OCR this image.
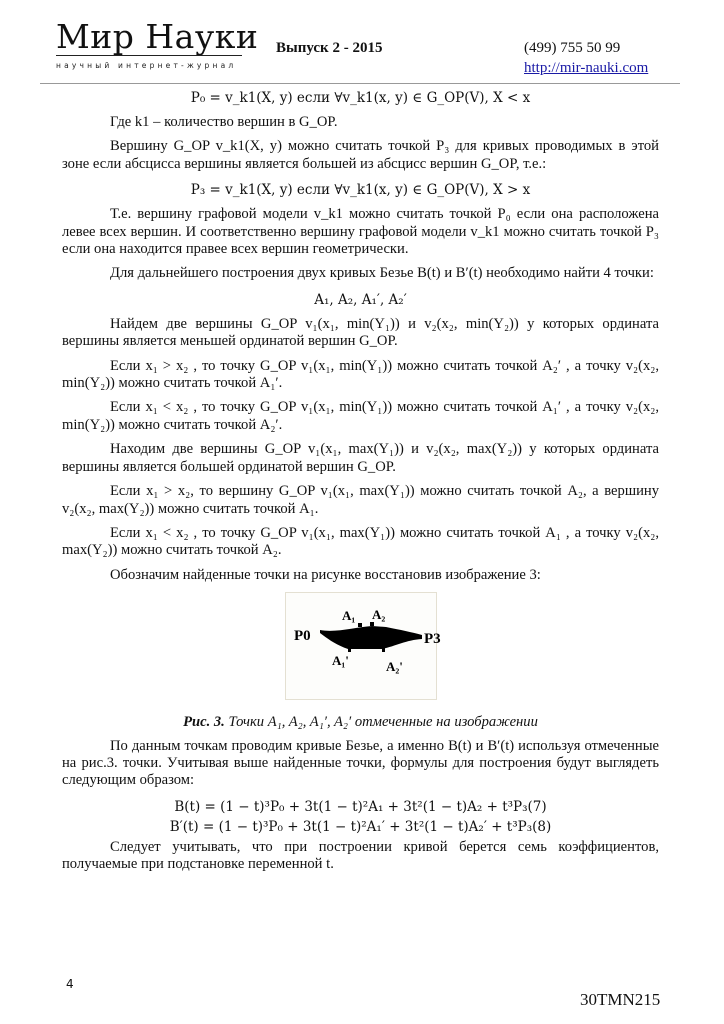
Мир Науки
научный интернет-журнал
Выпуск 2 - 2015	(499) 755 50 99
http://mir-nauki.com
P₀ = v_k1(X, y) если ∀v_k1(x, y) ∈ G_OP(V), X < x

Где k1 – количество вершин в G_OP.

Вершину G_OP v_k1(X, y) можно считать точкой P₃ для кривых проводимых в этой зоне если абсцисса вершины является большей из абсцисс вершин G_OP, т.е.:

P₃ = v_k1(X, y) если ∀v_k1(x, y) ∈ G_OP(V), X > x

Т.е. вершину графовой модели v_k1 можно считать точкой P₀ если она расположена левее всех вершин. И соответственно вершину графовой модели v_k1 можно считать точкой P₃ если она находится правее всех вершин геометрически.

Для дальнейшего построения двух кривых Безье B(t) и B′(t) необходимо найти 4 точки:

A₁, A₂, A₁′, A₂′

Найдем две вершины G_OP v₁(x₁, min(Y₁)) и v₂(x₂, min(Y₂)) у которых ордината вершины является меньшей ординатой вершин G_OP.

Если x₁ > x₂ , то точку G_OP v₁(x₁, min(Y₁)) можно считать точкой A₂′ , а точку v₂(x₂, min(Y₂)) можно считать точкой A₁′.

Если x₁ < x₂ , то точку G_OP v₁(x₁, min(Y₁)) можно считать точкой A₁′ , а точку v₂(x₂, min(Y₂)) можно считать точкой A₂′.

Находим две вершины G_OP v₁(x₁, max(Y₁)) и v₂(x₂, max(Y₂)) у которых ордината вершины является большей ординатой вершин G_OP.

Если x₁ > x₂, то вершину G_OP v₁(x₁, max(Y₁)) можно считать точкой A₂, а вершину v₂(x₂, max(Y₂)) можно считать точкой A₁.

Если x₁ < x₂ , то точку G_OP v₁(x₁, max(Y₁)) можно считать точкой A₁ , а точку v₂(x₂, max(Y₂)) можно считать точкой A₂.

Обозначим найденные точки на рисунке восстановив изображение 3:

P0
A₁ A₂
P3
A₁'	A₂'
Рис. 3. Точки A₁, A₂, A₁′, A₂′ отмеченные на изображении

По данным точкам проводим кривые Безье, а именно B(t) и B′(t) используя отмеченные на рис.3. точки. Учитывая выше найденные точки, формулы для построения будут выглядеть следующим образом:

B(t) = (1 − t)³P₀ + 3t(1 − t)²A₁ + 3t²(1 − t)A₂ + t³P₃(7)
B′(t) = (1 − t)³P₀ + 3t(1 − t)²A₁′ + 3t²(1 − t)A₂′ + t³P₃(8)

Следует учитывать, что при построении кривой берется семь коэффициентов, получаемые при подстановке переменной t.

4
30TMN215
